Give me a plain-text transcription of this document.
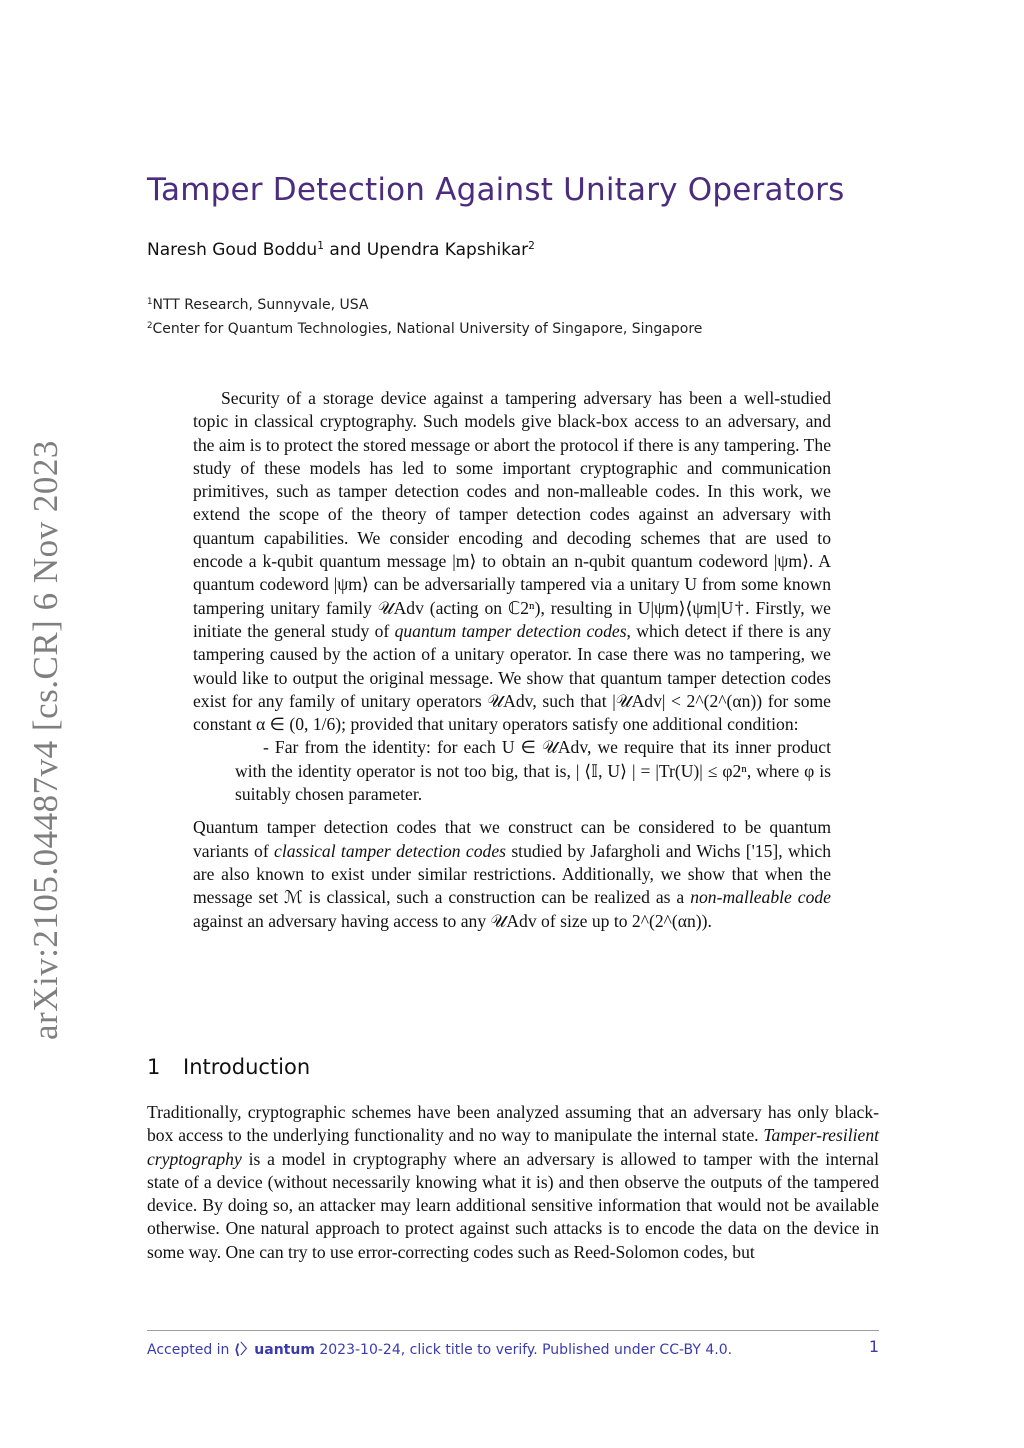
arXiv:2105.04487v4 [cs.CR] 6 Nov 2023
Tamper Detection Against Unitary Operators
Naresh Goud Boddu$^1$ and Upendra Kapshikar$^2$
$^1$NTT Research, Sunnyvale, USA
$^2$Center for Quantum Technologies, National University of Singapore, Singapore

Security of a storage device against a tampering adversary has been a well-studied topic in classical cryptography. Such models give black-box access to an adversary, and the aim is to protect the stored message or abort the protocol if there is any tampering. The study of these models has led to some important cryptographic and communication primitives, such as tamper detection codes and non-malleable codes. In this work, we extend the scope of the theory of tamper detection codes against an adversary with quantum capabilities. We consider encoding and decoding schemes that are used to encode a k-qubit quantum message |m⟩ to obtain an n-qubit quantum codeword |ψm⟩. A quantum codeword |ψm⟩ can be adversarially tampered via a unitary U from some known tampering unitary family 𝒰Adv (acting on ℂ2ⁿ), resulting in U|ψm⟩⟨ψm|U†. Firstly, we initiate the general study of quantum tamper detection codes, which detect if there is any tampering caused by the action of a unitary operator. In case there was no tampering, we would like to output the original message. We show that quantum tamper detection codes exist for any family of unitary operators 𝒰Adv, such that |𝒰Adv| < 2^(2^(αn)) for some constant α ∈ (0, 1/6); provided that unitary operators satisfy one additional condition:

- Far from the identity: for each U ∈ 𝒰Adv, we require that its inner product with the identity operator is not too big, that is, | ⟨𝕀, U⟩ | = |Tr(U)| ≤ φ2ⁿ, where φ is suitably chosen parameter.

Quantum tamper detection codes that we construct can be considered to be quantum variants of classical tamper detection codes studied by Jafargholi and Wichs ['15], which are also known to exist under similar restrictions. Additionally, we show that when the message set ℳ is classical, such a construction can be realized as a non-malleable code against an adversary having access to any 𝒰Adv of size up to 2^(2^(αn)).

1 Introduction

Traditionally, cryptographic schemes have been analyzed assuming that an adversary has only black-box access to the underlying functionality and no way to manipulate the internal state. Tamper-resilient cryptography is a model in cryptography where an adversary is allowed to tamper with the internal state of a device (without necessarily knowing what it is) and then observe the outputs of the tampered device. By doing so, an attacker may learn additional sensitive information that would not be available otherwise. One natural approach to protect against such attacks is to encode the data on the device in some way. One can try to use error-correcting codes such as Reed-Solomon codes, but

Accepted in ⟨〉uantum 2023-10-24, click title to verify. Published under CC-BY 4.0.	1
